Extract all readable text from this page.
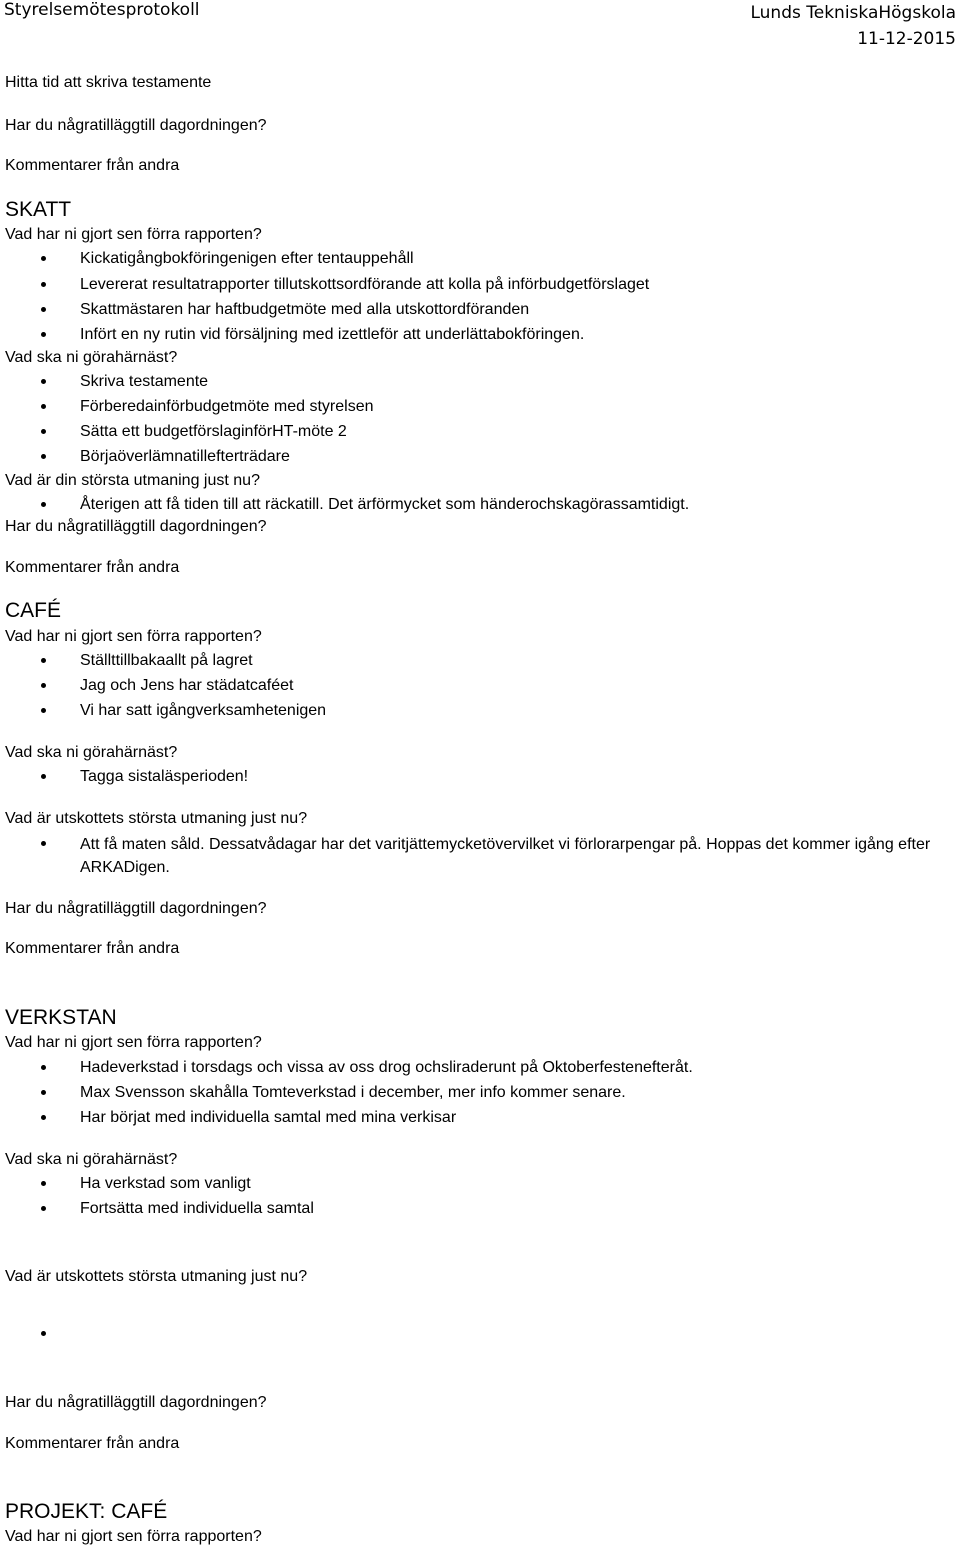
Styrelsemötesprotokoll	Lunds TekniskaHögskola
11-12-2015
Hitta tid att skriva testamente
Har du någratilläggtill dagordningen?
Kommentarer från andra
SKATT
Vad har ni gjort sen förra rapporten?
Kickatigångbokföringenigen efter tentauppehåll
Levererat resultatrapporter tillutskottsordförande att kolla på införbudgetförslaget
Skattmästaren har haftbudgetmöte med alla utskottordföranden
Infört en ny rutin vid försäljning med izettleför att underlättabokföringen.
Vad ska ni görahärnäst?
Skriva testamente
Förberedainförbudgetmöte med styrelsen
Sätta ett budgetförslaginförHT-möte 2
Börjaöverlämnatillefterträdare
Vad är din största utmaning just nu?
Återigen att få tiden till att räckatill. Det ärförmycket som händerochskagörassamtidigt.
Har du någratilläggtill dagordningen?
Kommentarer från andra
CAFÉ
Vad har ni gjort sen förra rapporten?
Ställttillbakaallt på lagret
Jag och Jens har städatcaféet
Vi har satt igångverksamhetenigen
Vad ska ni görahärnäst?
Tagga sistaläsperioden!
Vad är utskottets största utmaning just nu?
Att få maten såld. Dessatvådagar har det varitjättemycketövervilket vi förlorarpengar på. Hoppas det kommer igång efter ARKADigen.
Har du någratilläggtill dagordningen?
Kommentarer från andra
VERKSTAN
Vad har ni gjort sen förra rapporten?
Hadeverkstad i torsdags och vissa av oss drog ochsliraderunt på Oktoberfestenefteråt.
Max Svensson skahålla Tomteverkstad i december, mer info kommer senare.
Har börjat med individuella samtal med mina verkisar
Vad ska ni görahärnäst?
Ha verkstad som vanligt
Fortsätta med individuella samtal
Vad är utskottets största utmaning just nu?
Har du någratilläggtill dagordningen?
Kommentarer från andra
PROJEKT: CAFÉ
Vad har ni gjort sen förra rapporten?
